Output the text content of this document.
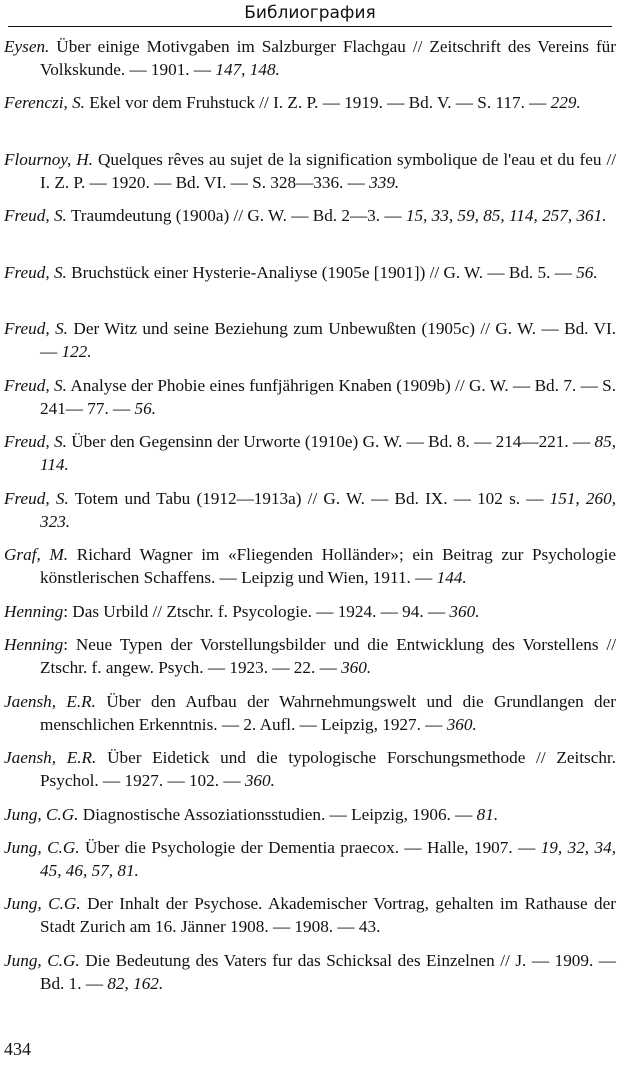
Библиография

Eysen. Über einige Motivgaben im Salzburger Flachgau // Zeitschrift des Vereins für Volkskunde. — 1901. — 147, 148.

Ferenczi, S. Ekel vor dem Fruhstuck // I. Z. P. — 1919. — Bd. V. — S. 117. — 229.

Flournoy, H. Quelques rêves au sujet de la signification symbolique de l'eau et du feu // I. Z. P. — 1920. — Bd. VI. — S. 328—336. — 339.

Freud, S. Traumdeutung (1900a) // G. W. — Bd. 2—3. — 15, 33, 59, 85, 114, 257, 361.

Freud, S. Bruchstück einer Hysterie-Analiyse (1905e [1901]) // G. W. — Bd. 5. — 56.

Freud, S. Der Witz und seine Beziehung zum Unbewußten (1905c) // G. W. — Bd. VI. — 122.

Freud, S. Analyse der Phobie eines funfjährigen Knaben (1909b) // G. W. — Bd. 7. — S. 241— 77. — 56.

Freud, S. Über den Gegensinn der Urworte (1910e) G. W. — Bd. 8. — 214—221. — 85, 114.

Freud, S. Totem und Tabu (1912—1913a) // G. W. — Bd. IX. — 102 s. — 151, 260, 323.

Graf, M. Richard Wagner im «Fliegenden Holländer»; ein Beitrag zur Psychologie könstlerischen Schaffens. — Leipzig und Wien, 1911. — 144.

Henning: Das Urbild // Ztschr. f. Psycologie. — 1924. — 94. — 360.

Henning: Neue Typen der Vorstellungsbilder und die Entwicklung des Vorstellens // Ztschr. f. angew. Psych. — 1923. — 22. — 360.

Jaensh, E.R. Über den Aufbau der Wahrnehmungswelt und die Grundlangen der menschlichen Erkenntnis. — 2. Aufl. — Leipzig, 1927. — 360.

Jaensh, E.R. Über Eidetick und die typologische Forschungsmethode // Zeitschr. Psychol. — 1927. — 102. — 360.

Jung, C.G. Diagnostische Assoziationsstudien. — Leipzig, 1906. — 81.

Jung, C.G. Über die Psychologie der Dementia praecox. — Halle, 1907. — 19, 32, 34, 45, 46, 57, 81.

Jung, C.G. Der Inhalt der Psychose. Akademischer Vortrag, gehalten im Rathause der Stadt Zurich am 16. Jänner 1908. — 1908. — 43.

Jung, C.G. Die Bedeutung des Vaters fur das Schicksal des Einzelnen // J. — 1909. — Bd. 1. — 82, 162.

434
